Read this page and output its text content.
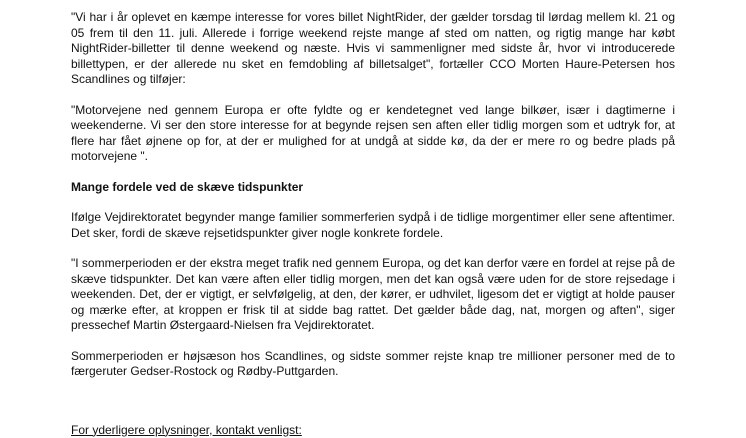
"Vi har i år oplevet en kæmpe interesse for vores billet NightRider, der gælder torsdag til lørdag mellem kl. 21 og 05 frem til den 11. juli. Allerede i forrige weekend rejste mange af sted om natten, og rigtig mange har købt NightRider-billetter til denne weekend og næste. Hvis vi sammenligner med sidste år, hvor vi introducerede billettypen, er der allerede nu sket en femdobling af billetsalget", fortæller CCO Morten Haure-Petersen hos Scandlines og tilføjer:

"Motorvejene ned gennem Europa er ofte fyldte og er kendetegnet ved lange bilkøer, især i dagtimerne i weekenderne. Vi ser den store interesse for at begynde rejsen sen aften eller tidlig morgen som et udtryk for, at flere har fået øjnene op for, at der er mulighed for at undgå at sidde kø, da der er mere ro og bedre plads på motorvejene ".

Mange fordele ved de skæve tidspunkter

Ifølge Vejdirektoratet begynder mange familier sommerferien sydpå i de tidlige morgentimer eller sene aftentimer. Det sker, fordi de skæve rejsetidspunkter giver nogle konkrete fordele.

"I sommerperioden er der ekstra meget trafik ned gennem Europa, og det kan derfor være en fordel at rejse på de skæve tidspunkter. Det kan være aften eller tidlig morgen, men det kan også være uden for de store rejsedage i weekenden. Det, der er vigtigt, er selvfølgelig, at den, der kører, er udhvilet, ligesom det er vigtigt at holde pauser og mærke efter, at kroppen er frisk til at sidde bag rattet. Det gælder både dag, nat, morgen og aften", siger pressechef Martin Østergaard-Nielsen fra Vejdirektoratet.

Sommerperioden er højsæson hos Scandlines, og sidste sommer rejste knap tre millioner personer med de to færgeruter Gedser-Rostock og Rødby-Puttgarden.

For yderligere oplysninger, kontakt venligst:
